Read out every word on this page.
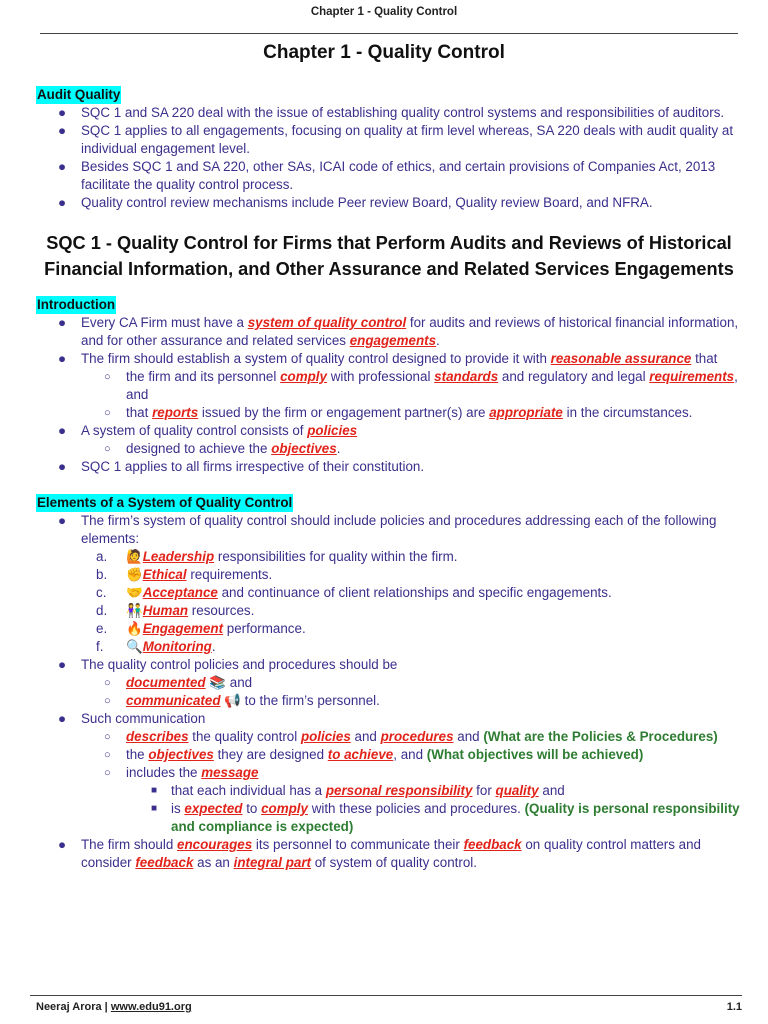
Chapter 1 - Quality Control
Chapter 1 - Quality Control
Audit Quality
● SQC 1 and SA 220 deal with the issue of establishing quality control systems and responsibilities of auditors.
● SQC 1 applies to all engagements, focusing on quality at firm level whereas, SA 220 deals with audit quality at individual engagement level.
● Besides SQC 1 and SA 220, other SAs, ICAI code of ethics, and certain provisions of Companies Act, 2013 facilitate the quality control process.
● Quality control review mechanisms include Peer review Board, Quality review Board, and NFRA.
SQC 1 - Quality Control for Firms that Perform Audits and Reviews of Historical Financial Information, and Other Assurance and Related Services Engagements
Introduction
● Every CA Firm must have a system of quality control for audits and reviews of historical financial information, and for other assurance and related services engagements.
● The firm should establish a system of quality control designed to provide it with reasonable assurance that
○ the firm and its personnel comply with professional standards and regulatory and legal requirements, and
○ that reports issued by the firm or engagement partner(s) are appropriate in the circumstances.
● A system of quality control consists of policies
○ designed to achieve the objectives.
● SQC 1 applies to all firms irrespective of their constitution.
Elements of a System of Quality Control
● The firm’s system of quality control should include policies and procedures addressing each of the following elements:
a. 🙋Leadership responsibilities for quality within the firm.
b. ✊Ethical requirements.
c. 🤝Acceptance and continuance of client relationships and specific engagements.
d. 👫Human resources.
e. 🔥Engagement performance.
f. 🔍Monitoring.
● The quality control policies and procedures should be
○ documented 📚 and
○ communicated 📢 to the firm’s personnel.
● Such communication
○ describes the quality control policies and procedures and (What are the Policies & Procedures)
○ the objectives they are designed to achieve, and (What objectives will be achieved)
○ includes the message
■ that each individual has a personal responsibility for quality and
■ is expected to comply with these policies and procedures. (Quality is personal responsibility and compliance is expected)
● The firm should encourages its personnel to communicate their feedback on quality control matters and consider feedback as an integral part of system of quality control.
Neeraj Arora | www.edu91.org	1.1
